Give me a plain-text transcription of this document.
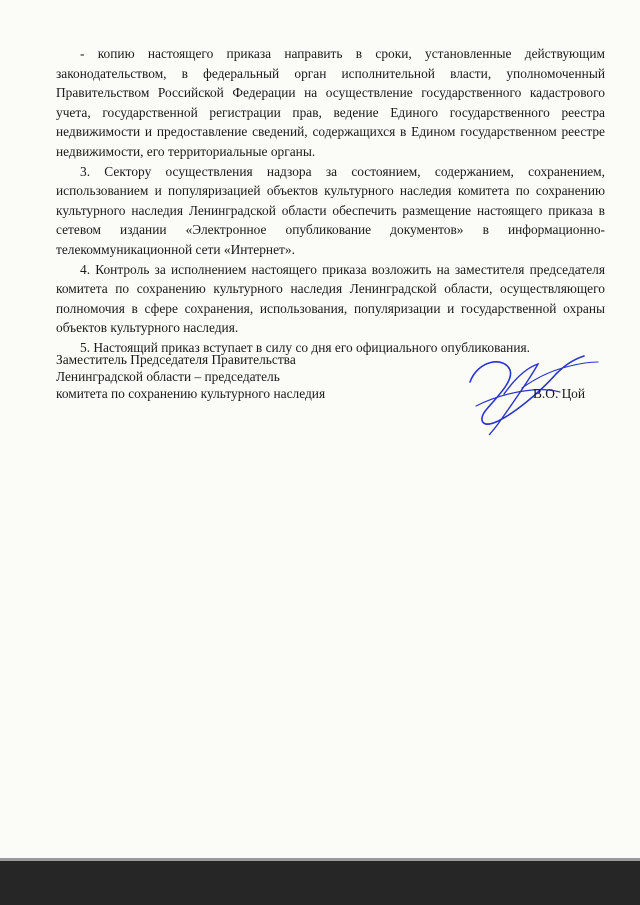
- копию настоящего приказа направить в сроки, установленные действующим законодательством, в федеральный орган исполнительной власти, уполномоченный Правительством Российской Федерации на осуществление государственного кадастрового учета, государственной регистрации прав, ведение Единого государственного реестра недвижимости и предоставление сведений, содержащихся в Едином государственном реестре недвижимости, его территориальные органы.

3. Сектору осуществления надзора за состоянием, содержанием, сохранением, использованием и популяризацией объектов культурного наследия комитета по сохранению культурного наследия Ленинградской области обеспечить размещение настоящего приказа в сетевом издании «Электронное опубликование документов» в информационно-телекоммуникационной сети «Интернет».

4. Контроль за исполнением настоящего приказа возложить на заместителя председателя комитета по сохранению культурного наследия Ленинградской области, осуществляющего полномочия в сфере сохранения, использования, популяризации и государственной охраны объектов культурного наследия.

5. Настоящий приказ вступает в силу со дня его официального опубликования.

Заместитель Председателя Правительства
Ленинградской области – председатель
комитета по сохранению культурного наследия	В.О. Цой
